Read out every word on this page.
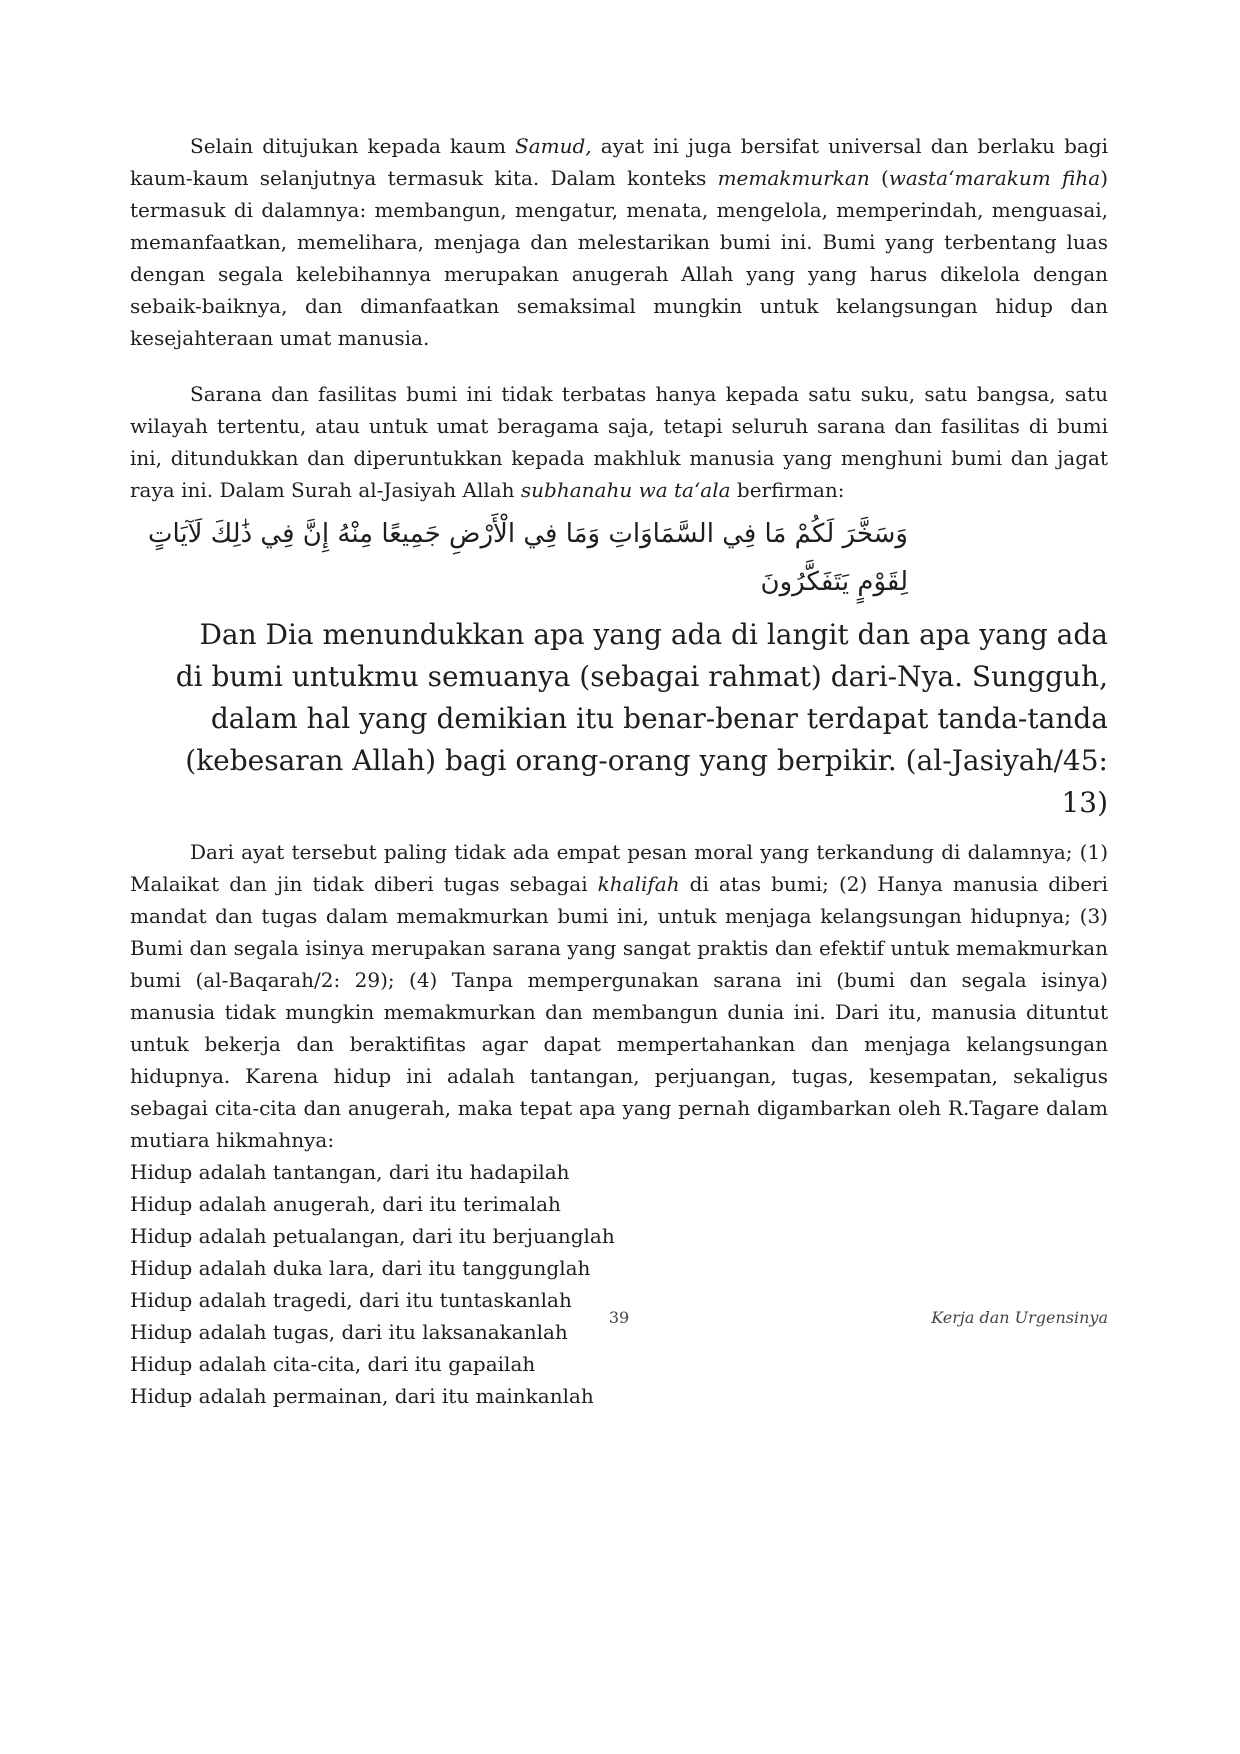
Selain ditujukan kepada kaum Samud, ayat ini juga bersifat universal dan berlaku bagi kaum-kaum selanjutnya termasuk kita. Dalam konteks memakmurkan (wasta‘marakum fiha) termasuk di dalamnya: membangun, mengatur, menata, mengelola, memperindah, menguasai, memanfaatkan, memelihara, menjaga dan melestarikan bumi ini. Bumi yang terbentang luas dengan segala kelebihannya merupakan anugerah Allah yang yang harus dikelola dengan sebaik-baiknya, dan dimanfaatkan semaksimal mungkin untuk kelangsungan hidup dan kesejahteraan umat manusia.

Sarana dan fasilitas bumi ini tidak terbatas hanya kepada satu suku, satu bangsa, satu wilayah tertentu, atau untuk umat beragama saja, tetapi seluruh sarana dan fasilitas di bumi ini, ditundukkan dan diperuntukkan kepada makhluk manusia yang menghuni bumi dan jagat raya ini. Dalam Surah al-Jasiyah Allah subhanahu wa ta‘ala berfirman:

وَسَخَّرَ لَكُمْ مَا فِي السَّمَاوَاتِ وَمَا فِي الْأَرْضِ جَمِيعًا مِنْهُ إِنَّ فِي ذَٰلِكَ لَآيَاتٍ لِقَوْمٍ يَتَفَكَّرُونَ
Dan Dia menundukkan apa yang ada di langit dan apa yang ada di bumi untukmu semuanya (sebagai rahmat) dari-Nya. Sungguh, dalam hal yang demikian itu benar-benar terdapat tanda-tanda (kebesaran Allah) bagi orang-orang yang berpikir. (al-Jasiyah/45: 13)

Dari ayat tersebut paling tidak ada empat pesan moral yang terkandung di dalamnya; (1) Malaikat dan jin tidak diberi tugas sebagai khalifah di atas bumi; (2) Hanya manusia diberi mandat dan tugas dalam memakmurkan bumi ini, untuk menjaga kelangsungan hidupnya; (3) Bumi dan segala isinya merupakan sarana yang sangat praktis dan efektif untuk memakmurkan bumi (al-Baqarah/2: 29); (4) Tanpa mempergunakan sarana ini (bumi dan segala isinya) manusia tidak mungkin memakmurkan dan membangun dunia ini. Dari itu, manusia dituntut untuk bekerja dan beraktifitas agar dapat mempertahankan dan menjaga kelangsungan hidupnya. Karena hidup ini adalah tantangan, perjuangan, tugas, kesempatan, sekaligus sebagai cita-cita dan anugerah, maka tepat apa yang pernah digambarkan oleh R.Tagare dalam mutiara hikmahnya:

Hidup adalah tantangan, dari itu hadapilah

Hidup adalah anugerah, dari itu terimalah

Hidup adalah petualangan, dari itu berjuanglah

Hidup adalah duka lara, dari itu tanggunglah

Hidup adalah tragedi, dari itu tuntaskanlah

Hidup adalah tugas, dari itu laksanakanlah

Hidup adalah cita-cita, dari itu gapailah

Hidup adalah permainan, dari itu mainkanlah

39	Kerja dan Urgensinya
